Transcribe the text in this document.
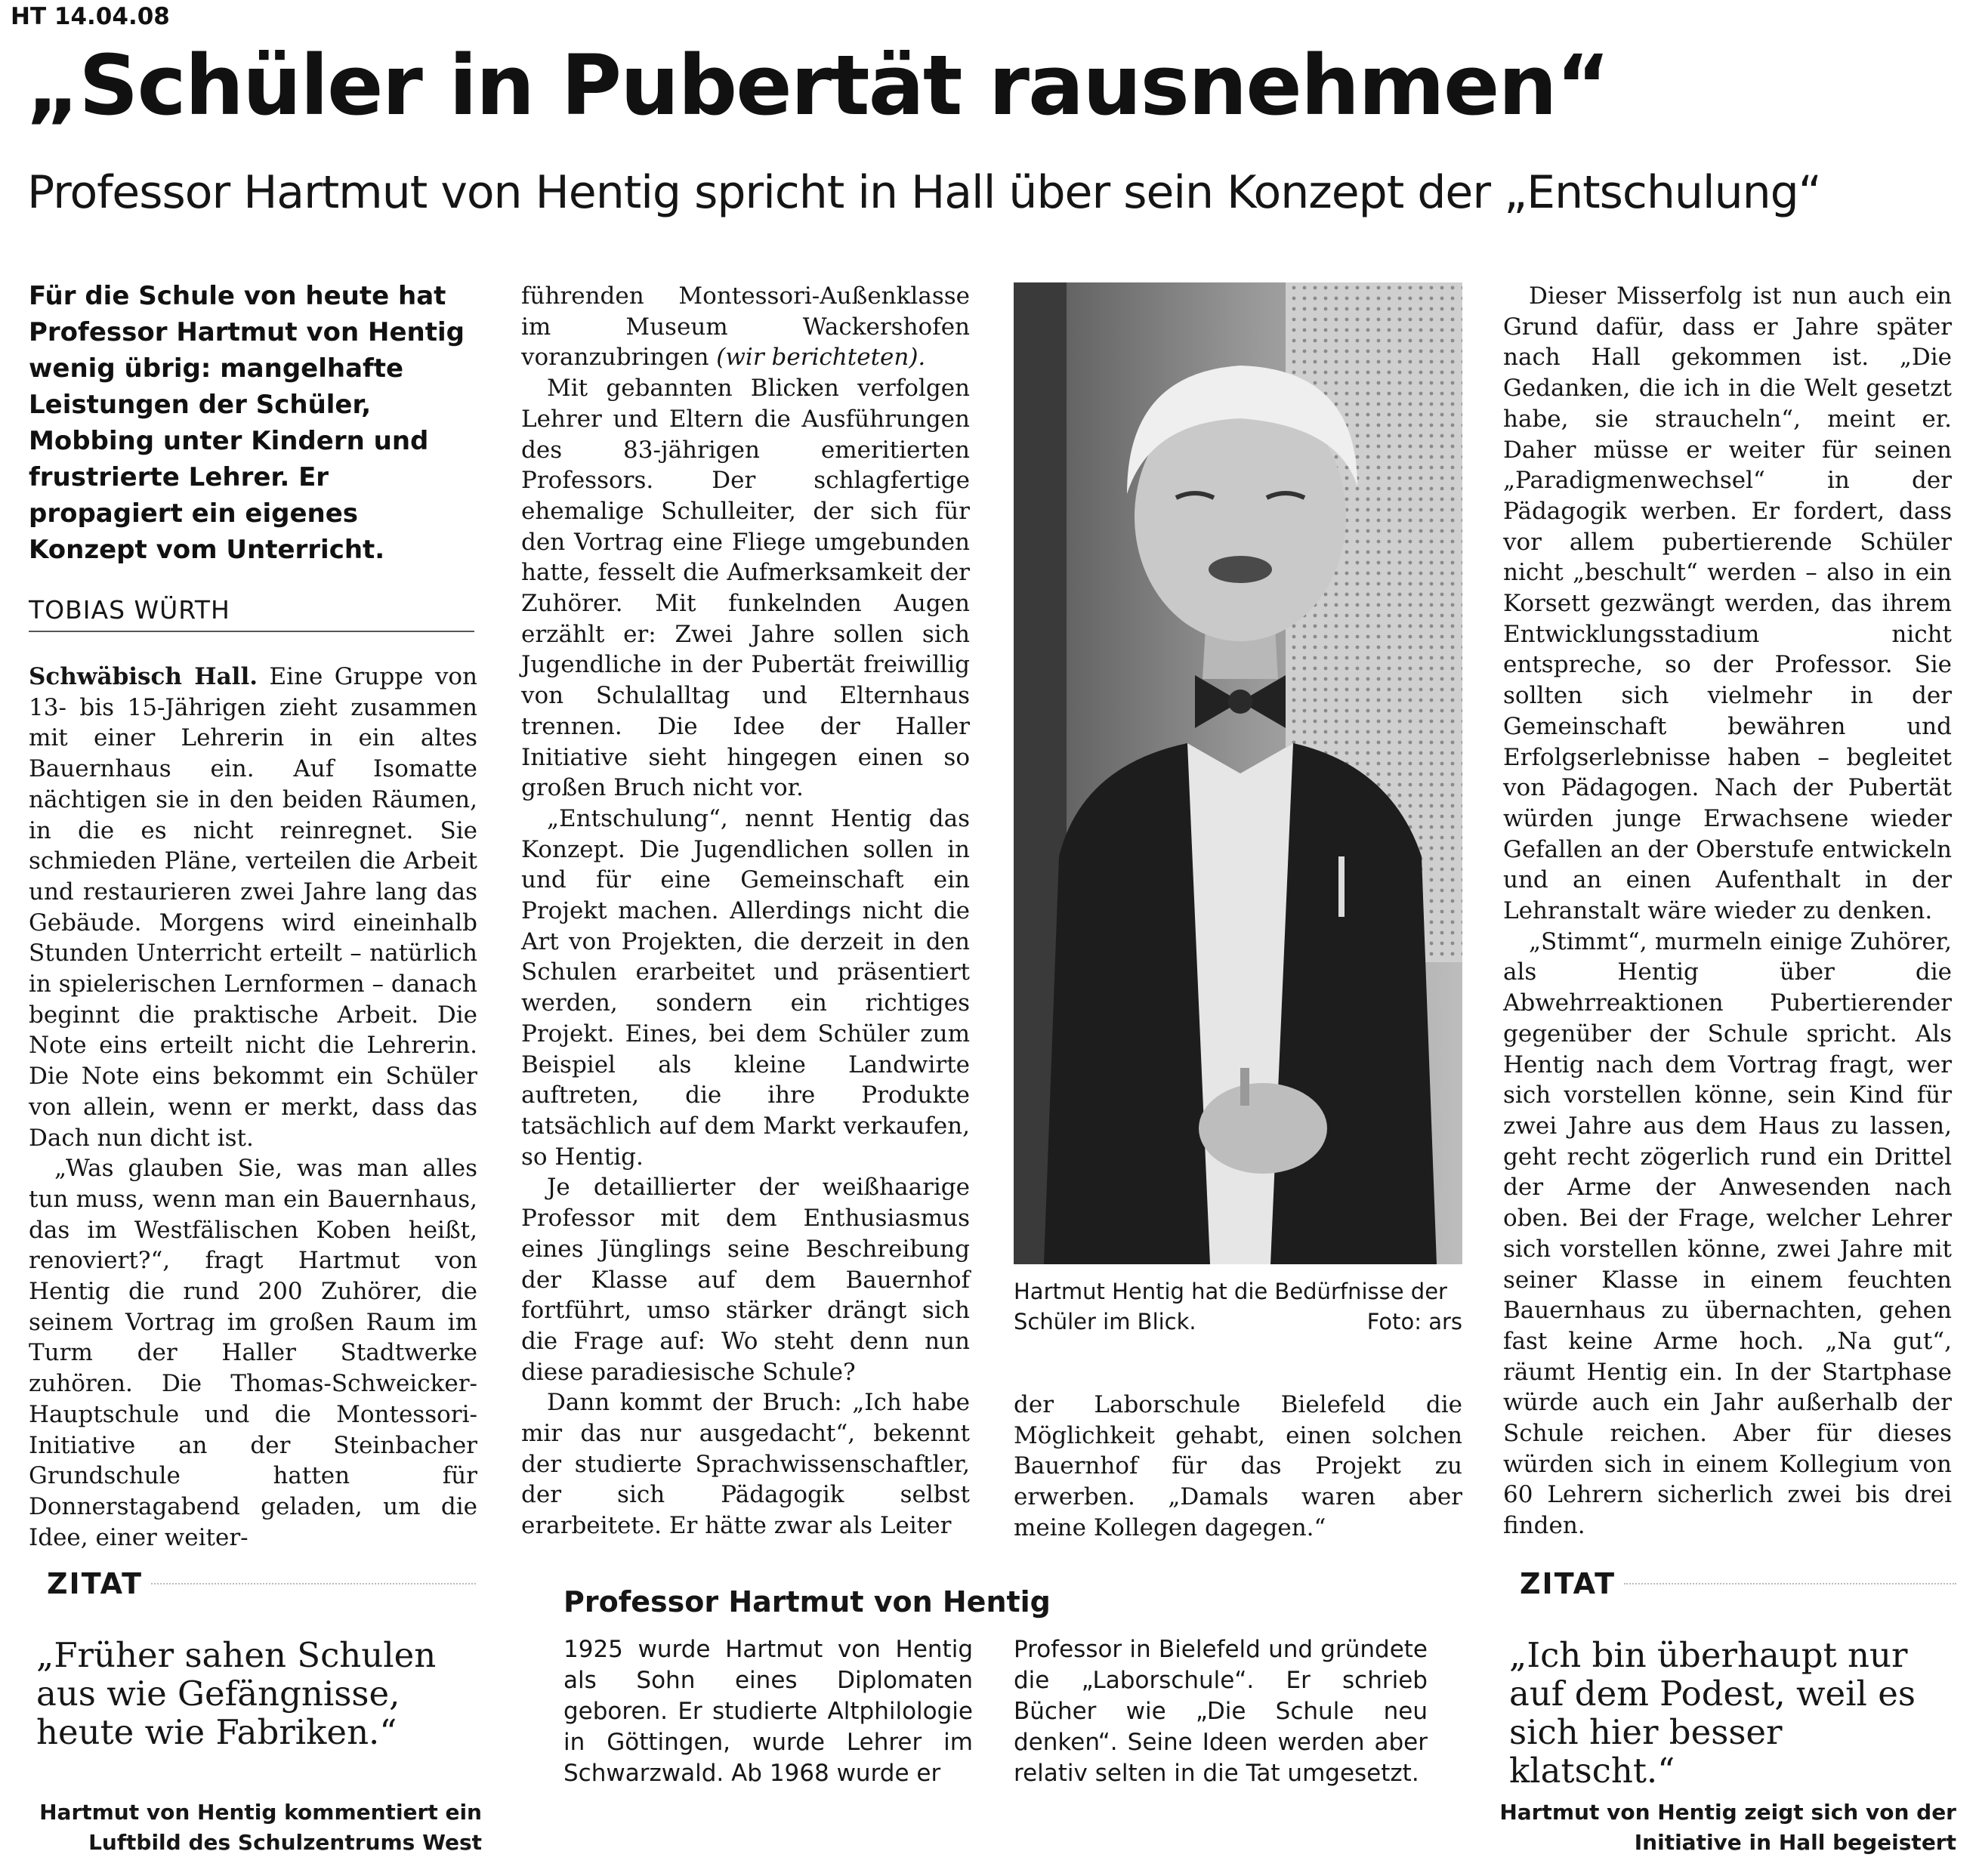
HT 14.04.08
„Schüler in Pubertät rausnehmen“
Professor Hartmut von Hentig spricht in Hall über sein Konzept der „Entschulung“

Für die Schule von heute hat Professor Hartmut von Hentig wenig übrig: mangelhafte Leistungen der Schüler, Mobbing unter Kindern und frustrierte Lehrer. Er propagiert ein eigenes Konzept vom Unterricht.

TOBIAS WÜRTH

Schwäbisch Hall. Eine Gruppe von 13- bis 15-Jährigen zieht zusammen mit einer Lehrerin in ein altes Bauernhaus ein. Auf Isomatte nächtigen sie in den beiden Räumen, in die es nicht reinregnet. Sie schmieden Pläne, verteilen die Arbeit und restaurieren zwei Jahre lang das Gebäude. Morgens wird eineinhalb Stunden Unterricht erteilt – natürlich in spielerischen Lernformen – danach beginnt die praktische Arbeit. Die Note eins erteilt nicht die Lehrerin. Die Note eins bekommt ein Schüler von allein, wenn er merkt, dass das Dach nun dicht ist.

„Was glauben Sie, was man alles tun muss, wenn man ein Bauernhaus, das im Westfälischen Koben heißt, renoviert?“, fragt Hartmut von Hentig die rund 200 Zuhörer, die seinem Vortrag im großen Raum im Turm der Haller Stadtwerke zuhören. Die Thomas-Schweicker-Hauptschule und die Montessori-Initiative an der Steinbacher Grundschule hatten für Donnerstagabend geladen, um die Idee, einer weiter-

führenden Montessori-Außenklasse im Museum Wackershofen voranzubringen (wir berichteten).

Mit gebannten Blicken verfolgen Lehrer und Eltern die Ausführungen des 83-jährigen emeritierten Professors. Der schlagfertige ehemalige Schulleiter, der sich für den Vortrag eine Fliege umgebunden hatte, fesselt die Aufmerksamkeit der Zuhörer. Mit funkelnden Augen erzählt er: Zwei Jahre sollen sich Jugendliche in der Pubertät freiwillig von Schulalltag und Elternhaus trennen. Die Idee der Haller Initiative sieht hingegen einen so großen Bruch nicht vor.

„Entschulung“, nennt Hentig das Konzept. Die Jugendlichen sollen in und für eine Gemeinschaft ein Projekt machen. Allerdings nicht die Art von Projekten, die derzeit in den Schulen erarbeitet und präsentiert werden, sondern ein richtiges Projekt. Eines, bei dem Schüler zum Beispiel als kleine Landwirte auftreten, die ihre Produkte tatsächlich auf dem Markt verkaufen, so Hentig.

Je detaillierter der weißhaarige Professor mit dem Enthusiasmus eines Jünglings seine Beschreibung der Klasse auf dem Bauernhof fortführt, umso stärker drängt sich die Frage auf: Wo steht denn nun diese paradiesische Schule?

Dann kommt der Bruch: „Ich habe mir das nur ausgedacht“, bekennt der studierte Sprachwissenschaftler, der sich Pädagogik selbst erarbeitete. Er hätte zwar als Leiter

Hartmut Hentig hat die Bedürfnisse der Schüler im Blick.	Foto: ars

der Laborschule Bielefeld die Möglichkeit gehabt, einen solchen Bauernhof für das Projekt zu erwerben. „Damals waren aber meine Kollegen dagegen.“

Dieser Misserfolg ist nun auch ein Grund dafür, dass er Jahre später nach Hall gekommen ist. „Die Gedanken, die ich in die Welt gesetzt habe, sie straucheln“, meint er. Daher müsse er weiter für seinen „Paradigmenwechsel“ in der Pädagogik werben. Er fordert, dass vor allem pubertierende Schüler nicht „beschult“ werden – also in ein Korsett gezwängt werden, das ihrem Entwicklungsstadium nicht entspreche, so der Professor. Sie sollten sich vielmehr in der Gemeinschaft bewähren und Erfolgserlebnisse haben – begleitet von Pädagogen. Nach der Pubertät würden junge Erwachsene wieder Gefallen an der Oberstufe entwickeln und an einen Aufenthalt in der Lehranstalt wäre wieder zu denken.

„Stimmt“, murmeln einige Zuhörer, als Hentig über die Abwehrreaktionen Pubertierender gegenüber der Schule spricht. Als Hentig nach dem Vortrag fragt, wer sich vorstellen könne, sein Kind für zwei Jahre aus dem Haus zu lassen, geht recht zögerlich rund ein Drittel der Arme der Anwesenden nach oben. Bei der Frage, welcher Lehrer sich vorstellen könne, zwei Jahre mit seiner Klasse in einem feuchten Bauernhaus zu übernachten, gehen fast keine Arme hoch. „Na gut“, räumt Hentig ein. In der Startphase würde auch ein Jahr außerhalb der Schule reichen. Aber für dieses würden sich in einem Kollegium von 60 Lehrern sicherlich zwei bis drei finden.

ZITAT
„Früher sahen Schulen aus wie Gefängnisse, heute wie Fabriken.“
Hartmut von Hentig kommentiert ein Luftbild des Schulzentrums West
Professor Hartmut von Hentig
1925 wurde Hartmut von Hentig als Sohn eines Diplomaten geboren. Er studierte Altphilologie in Göttingen, wurde Lehrer im Schwarzwald. Ab 1968 wurde er
Professor in Bielefeld und gründete die „Laborschule“. Er schrieb Bücher wie „Die Schule neu denken“. Seine Ideen werden aber relativ selten in die Tat umgesetzt.
ZITAT
„Ich bin überhaupt nur auf dem Podest, weil es sich hier besser klatscht.“
Hartmut von Hentig zeigt sich von der Initiative in Hall begeistert
